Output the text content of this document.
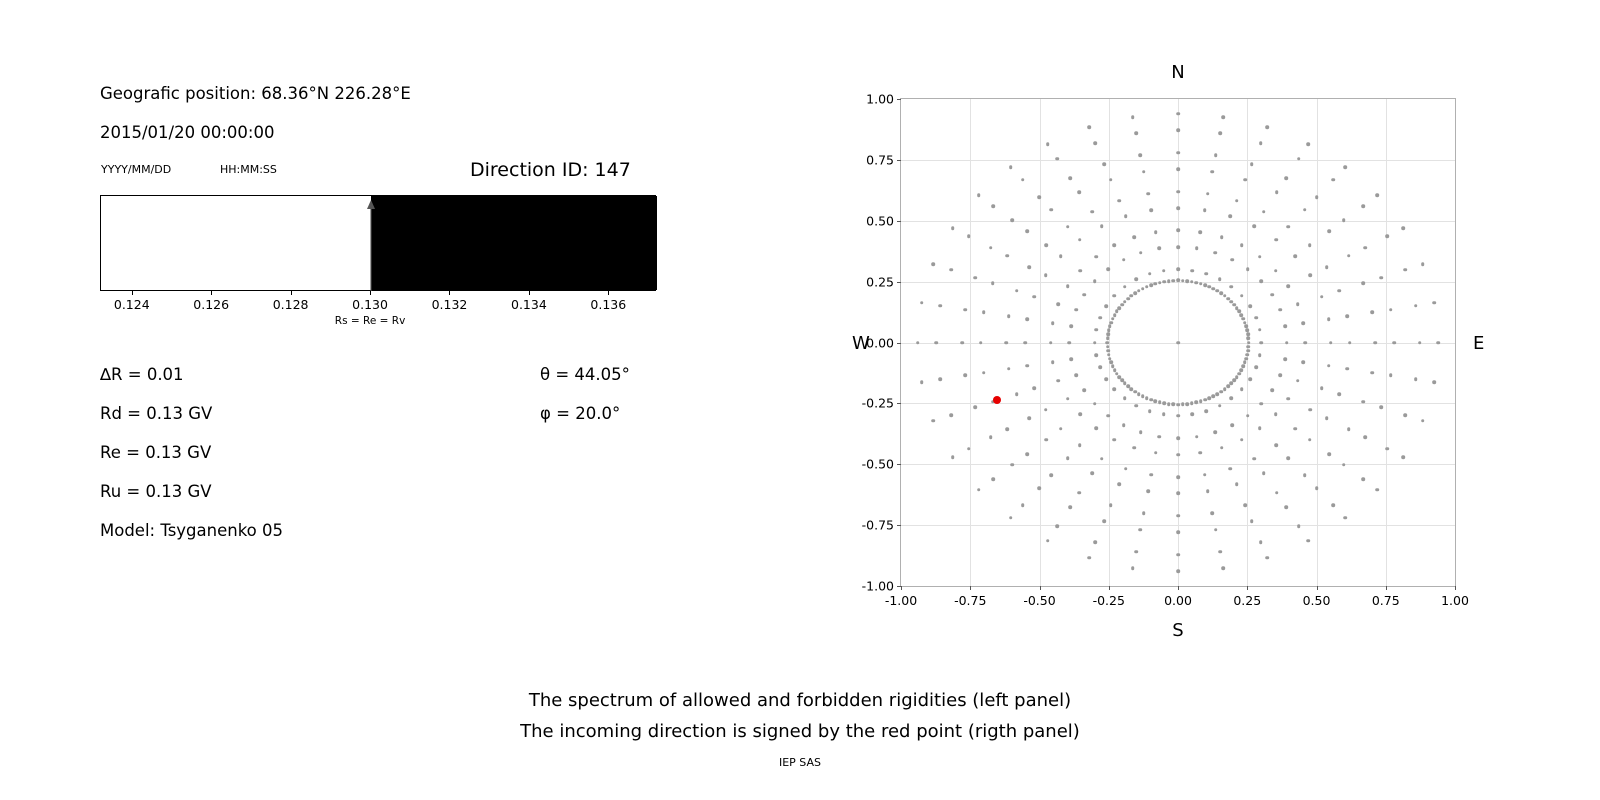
Geografic position: 68.36°N 226.28°E
2015/01/20 00:00:00
YYYY/MM/DD	HH:MM:SS	Direction ID: 147
0.124	0.126	0.128	0.130	0.132	0.134	0.136
Rs = Re = Rv
∆R = 0.01
Rd = 0.13 GV
Re = 0.13 GV
Ru = 0.13 GV
Model: Tsyganenko 05
θ = 44.05°
φ = 20.0°
N
S
W	E
-1.00	-0.75	-0.50	-0.25	0.00	0.25	0.50	0.75	1.00
-1.00
-0.75
-0.50
-0.25
0.00
0.25
0.50
0.75
1.00
The spectrum of allowed and forbidden rigidities (left panel)
The incoming direction is signed by the red point (rigth panel)
IEP SAS
